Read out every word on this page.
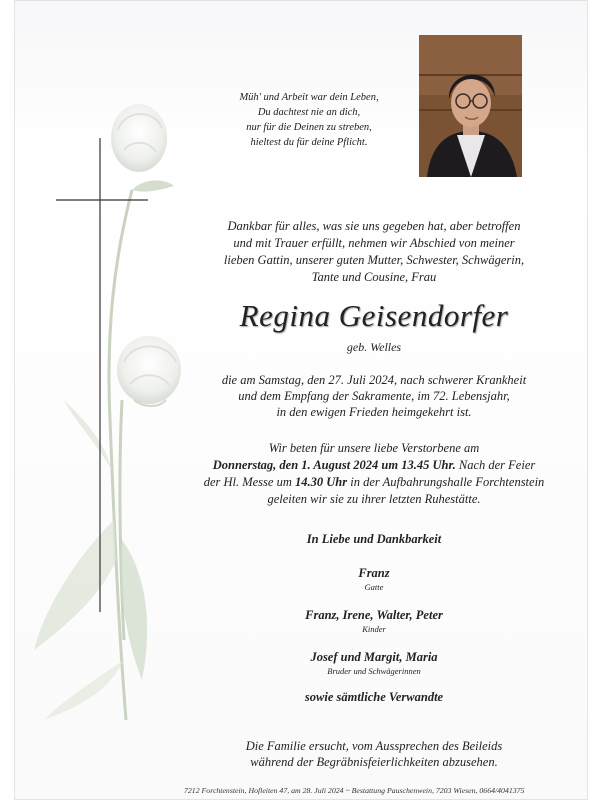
Müh' und Arbeit war dein Leben,
Du dachtest nie an dich,
nur für die Deinen zu streben,
hieltest du für deine Pflicht.
Dankbar für alles, was sie uns gegeben hat, aber betroffen
und mit Trauer erfüllt, nehmen wir Abschied von meiner
lieben Gattin, unserer guten Mutter, Schwester, Schwägerin,
Tante und Cousine, Frau
Regina Geisendorfer
geb. Welles
die am Samstag, den 27. Juli 2024, nach schwerer Krankheit
und dem Empfang der Sakramente, im 72. Lebensjahr,
in den ewigen Frieden heimgekehrt ist.
Wir beten für unsere liebe Verstorbene am
Donnerstag, den 1. August 2024 um 13.45 Uhr. Nach der Feier
der Hl. Messe um 14.30 Uhr in der Aufbahrungshalle Forchtenstein
geleiten wir sie zu ihrer letzten Ruhestätte.
In Liebe und Dankbarkeit
Franz
Gatte
Franz, Irene, Walter, Peter
Kinder
Josef und Margit, Maria
Bruder und Schwägerinnen
sowie sämtliche Verwandte
Die Familie ersucht, vom Aussprechen des Beileids
während der Begräbnisfeierlichkeiten abzusehen.
7212 Forchtenstein, Hofleiten 47, am 28. Juli 2024 ~ Bestattung Pauschenwein, 7203 Wiesen, 0664/4041375
